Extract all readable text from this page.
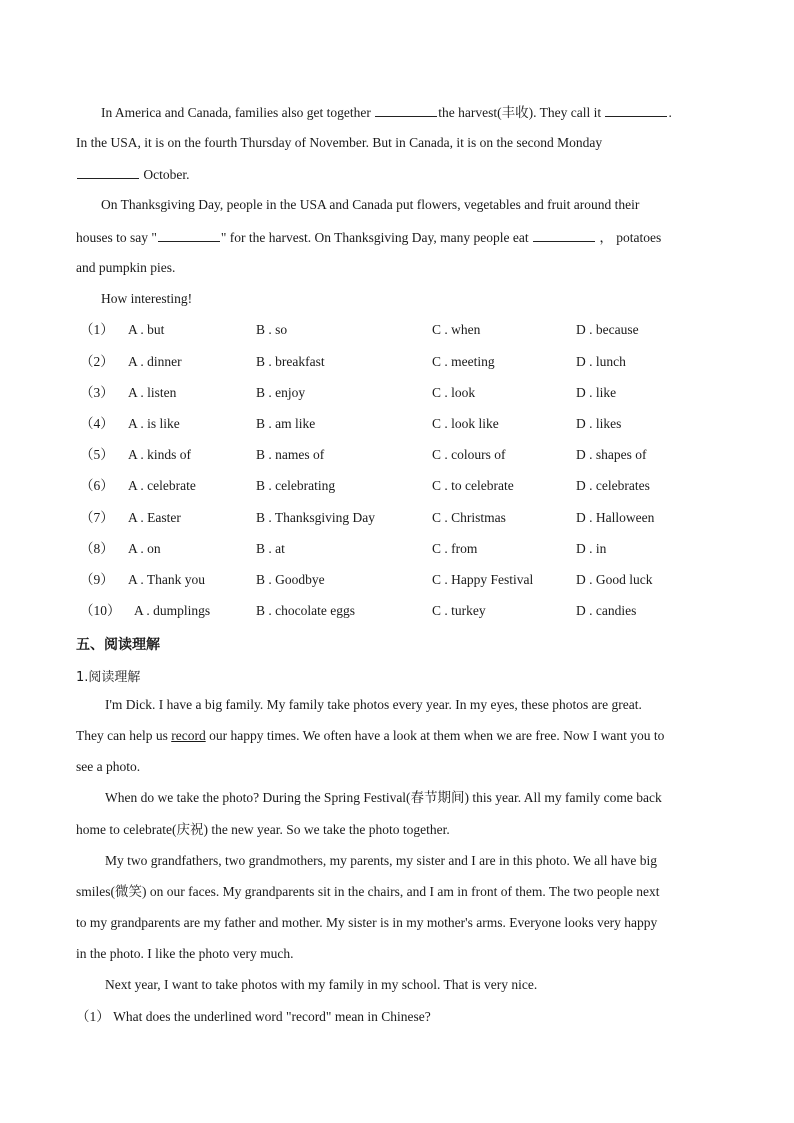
In America and Canada, families also get together	the harvest(丰收). They call it	.
In the USA, it is on the fourth Thursday of November. But in Canada, it is on the second Monday
October.
On Thanksgiving Day, people in the USA and Canada put flowers, vegetables and fruit around their
houses to say "	" for the harvest. On Thanksgiving Day, many people eat	， potatoes
and pumpkin pies.
How interesting!
（1） A . but	B . so	C . when	D . because
（2） A . dinner	B . breakfast	C . meeting	D . lunch
（3） A . listen	B . enjoy	C . look	D . like
（4） A . is like	B . am like	C . look like	D . likes
（5） A . kinds of	B . names of	C . colours of	D . shapes of
（6） A . celebrate	B . celebrating	C . to celebrate	D . celebrates
（7） A . Easter	B . Thanksgiving Day	C . Christmas	D . Halloween
（8） A . on	B . at	C . from	D . in
（9） A . Thank you	B . Goodbye	C . Happy Festival	D . Good luck
（10） A . dumplings	B . chocolate eggs	C . turkey	D . candies
五、阅读理解
1.阅读理解
I'm Dick. I have a big family. My family take photos every year. In my eyes, these photos are great.
They can help us record our happy times. We often have a look at them when we are free. Now I want you to
see a photo.
When do we take the photo? During the Spring Festival(春节期间) this year. All my family come back
home to celebrate(庆祝) the new year. So we take the photo together.
My two grandfathers, two grandmothers, my parents, my sister and I are in this photo. We all have big
smiles(微笑) on our faces. My grandparents sit in the chairs, and I am in front of them. The two people next
to my grandparents are my father and mother. My sister is in my mother's arms. Everyone looks very happy
in the photo. I like the photo very much.
Next year, I want to take photos with my family in my school. That is very nice.
（1） What does the underlined word "record" mean in Chinese?
